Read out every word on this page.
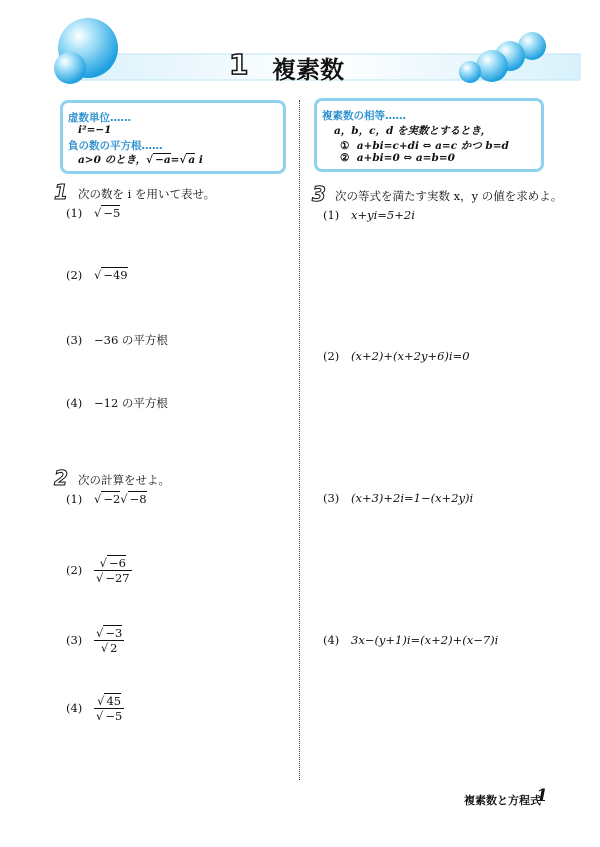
1 複素数
虚数単位……
i²=−1
負の数の平方根……
a>0 のとき，√ −a=√ a i
複素数の相等……
a，b，c，d を実数とするとき，
① a+bi=c+di ⇔ a=c かつ b=d
② a+bi=0 ⇔ a=b=0
1 次の数を i を用いて表せ。
(1) √ −5
(2) √ −49
(3) −36 の平方根
(4) −12 の平方根
2 次の計算をせよ。
(1) √ −2√ −8
$(2) \frac{√ -6}{√ -27}$
$(3) \frac{√ -3}{√ 2}$
$(4) \frac{√ 45}{√ -5}$
3 次の等式を満たす実数 x，y の値を求めよ。
(1) x+yi=5+2i
(2) (x+2)+(x+2y+6)i=0
(3) (x+3)+2i=1−(x+2y)i
(4) 3x−(y+1)i=(x+2)+(x−7)i
複素数と方程式
1
